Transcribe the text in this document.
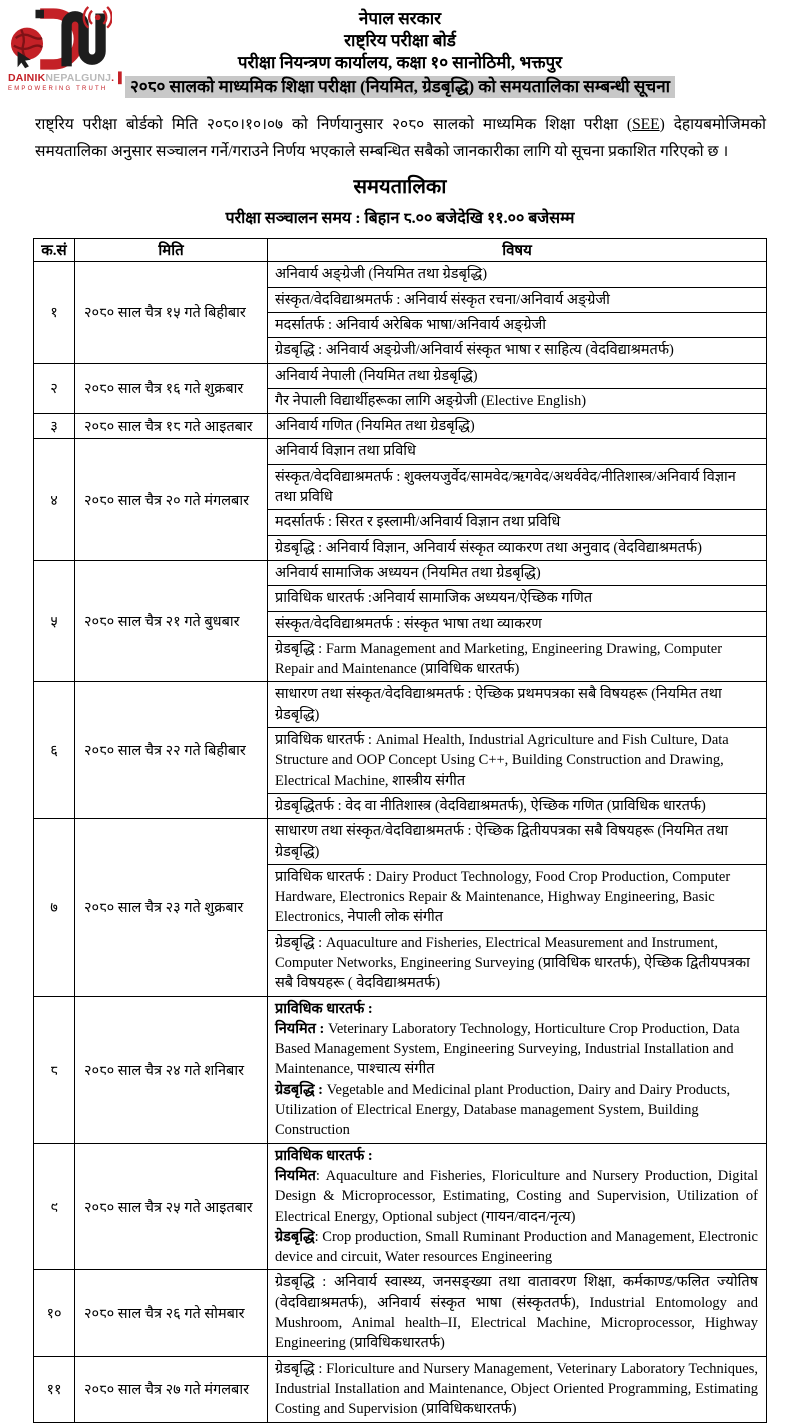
DAINIKNEPALGUNJ.▐
EMPOWERING TRUTH
नेपाल सरकार
राष्ट्रिय परीक्षा बोर्ड
परीक्षा नियन्त्रण कार्यालय, कक्षा १० सानोठिमी, भक्तपुर
२०८० सालको माध्यमिक शिक्षा परीक्षा (नियमित, ग्रेडबृद्धि) को समयतालिका सम्बन्धी सूचना

राष्ट्रिय परीक्षा बोर्डको मिति २०८०।१०।०७ को निर्णयानुसार २०८० सालको माध्यमिक शिक्षा परीक्षा (SEE) देहायबमोजिमको समयतालिका अनुसार सञ्चालन गर्ने/गराउने निर्णय भएकाले सम्बन्धित सबैको जानकारीका लागि यो सूचना प्रकाशित गरिएको छ ।

समयतालिका
परीक्षा सञ्चालन समय : बिहान ८.०० बजेदेखि ११.०० बजेसम्म
क.सं	मिति	विषय
१	२०८० साल चैत्र १५ गते बिहीबार	अनिवार्य अङ्ग्रेजी (नियमित तथा ग्रेडबृद्धि)

		संस्कृत/वेदविद्याश्रमतर्फ : अनिवार्य संस्कृत रचना/अनिवार्य अङ्ग्रेजी

		मदर्सातर्फ : अनिवार्य अरेबिक भाषा/अनिवार्य अङ्ग्रेजी

		ग्रेडबृद्धि : अनिवार्य अङ्ग्रेजी/अनिवार्य संस्कृत भाषा र साहित्य (वेदविद्याश्रमतर्फ)

२	२०८० साल चैत्र १६ गते शुक्रबार	अनिवार्य नेपाली (नियमित तथा ग्रेडबृद्धि)

		गैर नेपाली विद्यार्थीहरूका लागि अङ्ग्रेजी (Elective English)

३	२०८० साल चैत्र १८ गते आइतबार	अनिवार्य गणित (नियमित तथा ग्रेडबृद्धि)

४	२०८० साल चैत्र २० गते मंगलबार	अनिवार्य विज्ञान तथा प्रविधि

		संस्कृत/वेदविद्याश्रमतर्फ : शुक्लयजुर्वेद/सामवेद/ऋगवेद/अथर्ववेद/नीतिशास्त्र/अनिवार्य विज्ञान तथा प्रविधि

		मदर्सातर्फ : सिरत र इस्लामी/अनिवार्य विज्ञान तथा प्रविधि

		ग्रेडबृद्धि : अनिवार्य विज्ञान, अनिवार्य संस्कृत व्याकरण तथा अनुवाद (वेदविद्याश्रमतर्फ)

५	२०८० साल चैत्र २१ गते बुधबार	अनिवार्य सामाजिक अध्ययन (नियमित तथा ग्रेडबृद्धि)

		प्राविधिक धारतर्फ :अनिवार्य सामाजिक अध्ययन/ऐच्छिक गणित

		संस्कृत/वेदविद्याश्रमतर्फ : संस्कृत भाषा तथा व्याकरण

		ग्रेडबृद्धि : Farm Management and Marketing, Engineering Drawing, Computer Repair and Maintenance (प्राविधिक धारतर्फ)

६	२०८० साल चैत्र २२ गते बिहीबार	साधारण तथा संस्कृत/वेदविद्याश्रमतर्फ : ऐच्छिक प्रथमपत्रका सबै विषयहरू (नियमित तथा ग्रेडबृद्धि)

		प्राविधिक धारतर्फ : Animal Health, Industrial Agriculture and Fish Culture, Data Structure and OOP Concept Using C++, Building Construction and Drawing, Electrical Machine, शास्त्रीय संगीत

		ग्रेडबृद्धितर्फ : वेद वा नीतिशास्त्र (वेदविद्याश्रमतर्फ), ऐच्छिक गणित (प्राविधिक धारतर्फ)

७	२०८० साल चैत्र २३ गते शुक्रबार	साधारण तथा संस्कृत/वेदविद्याश्रमतर्फ : ऐच्छिक द्वितीयपत्रका सबै विषयहरू (नियमित तथा ग्रेडबृद्धि)

		प्राविधिक धारतर्फ : Dairy Product Technology, Food Crop Production, Computer Hardware, Electronics Repair & Maintenance, Highway Engineering, Basic Electronics, नेपाली लोक संगीत

		ग्रेडबृद्धि : Aquaculture and Fisheries, Electrical Measurement and Instrument, Computer Networks, Engineering Surveying (प्राविधिक धारतर्फ), ऐच्छिक द्वितीयपत्रका सबै विषयहरू ( वेदविद्याश्रमतर्फ)

८	२०८० साल चैत्र २४ गते शनिबार	प्राविधिक धारतर्फ :
नियमित : Veterinary Laboratory Technology, Horticulture Crop Production, Data Based Management System, Engineering Surveying, Industrial Installation and Maintenance, पाश्चात्य संगीत
ग्रेडबृद्धि : Vegetable and Medicinal plant Production, Dairy and Dairy Products, Utilization of Electrical Energy, Database management System, Building Construction

९	२०८० साल चैत्र २५ गते आइतबार	प्राविधिक धारतर्फ :
नियमित: Aquaculture and Fisheries, Floriculture and Nursery Production, Digital Design & Microprocessor, Estimating, Costing and Supervision, Utilization of Electrical Energy, Optional subject (गायन/वादन/नृत्य)
ग्रेडबृद्धि: Crop production, Small Ruminant Production and Management, Electronic device and circuit, Water resources Engineering

१०	२०८० साल चैत्र २६ गते सोमबार	ग्रेडबृद्धि : अनिवार्य स्वास्थ्य, जनसङ्ख्या तथा वातावरण शिक्षा, कर्मकाण्ड/फलित ज्योतिष (वेदविद्याश्रमतर्फ), अनिवार्य संस्कृत भाषा (संस्कृततर्फ), Industrial Entomology and Mushroom, Animal health–II, Electrical Machine, Microprocessor, Highway Engineering (प्राविधिकधारतर्फ)

११	२०८० साल चैत्र २७ गते मंगलबार	ग्रेडबृद्धि : Floriculture and Nursery Management, Veterinary Laboratory Techniques, Industrial Installation and Maintenance, Object Oriented Programming, Estimating Costing and Supervision (प्राविधिकधारतर्फ)
